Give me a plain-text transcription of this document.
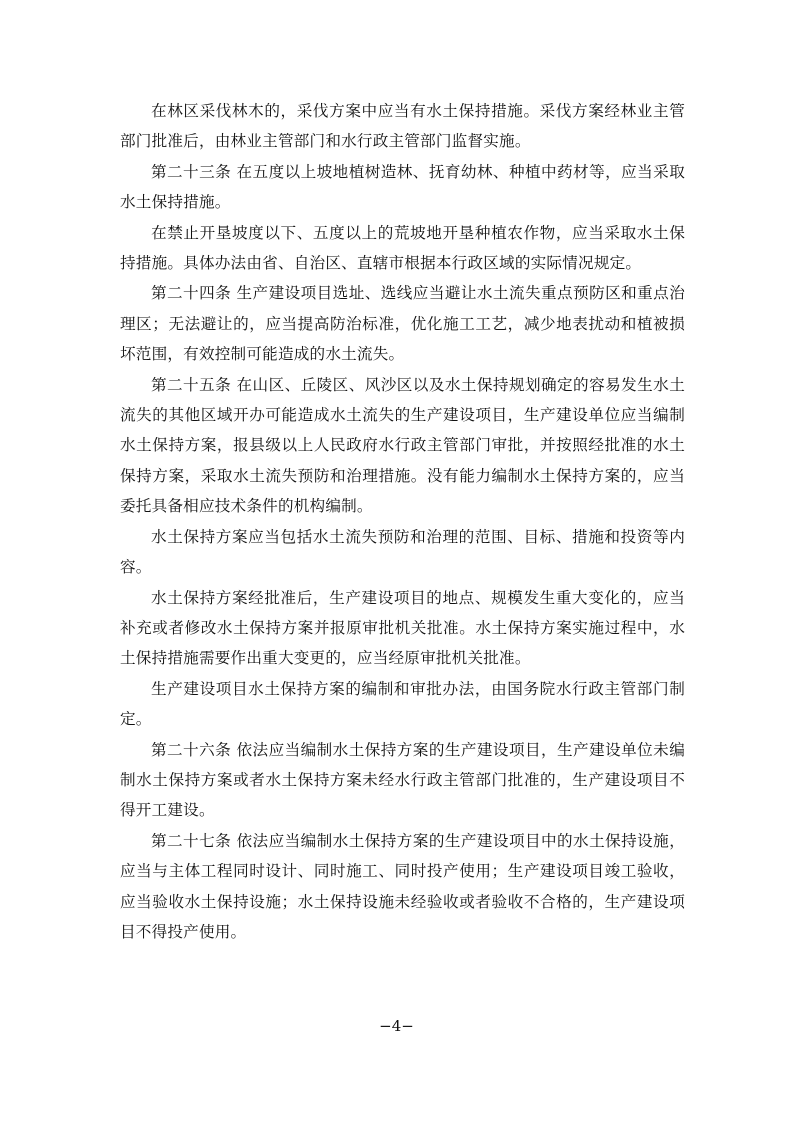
在林区采伐林木的，采伐方案中应当有水土保持措施。采伐方案经林业主管部门批准后，由林业主管部门和水行政主管部门监督实施。

第二十三条 在五度以上坡地植树造林、抚育幼林、种植中药材等，应当采取水土保持措施。

在禁止开垦坡度以下、五度以上的荒坡地开垦种植农作物，应当采取水土保持措施。具体办法由省、自治区、直辖市根据本行政区域的实际情况规定。

第二十四条 生产建设项目选址、选线应当避让水土流失重点预防区和重点治理区；无法避让的，应当提高防治标准，优化施工工艺，减少地表扰动和植被损坏范围，有效控制可能造成的水土流失。

第二十五条 在山区、丘陵区、风沙区以及水土保持规划确定的容易发生水土流失的其他区域开办可能造成水土流失的生产建设项目，生产建设单位应当编制水土保持方案，报县级以上人民政府水行政主管部门审批，并按照经批准的水土保持方案，采取水土流失预防和治理措施。没有能力编制水土保持方案的，应当委托具备相应技术条件的机构编制。

水土保持方案应当包括水土流失预防和治理的范围、目标、措施和投资等内容。

水土保持方案经批准后，生产建设项目的地点、规模发生重大变化的，应当补充或者修改水土保持方案并报原审批机关批准。水土保持方案实施过程中，水土保持措施需要作出重大变更的，应当经原审批机关批准。

生产建设项目水土保持方案的编制和审批办法，由国务院水行政主管部门制定。

第二十六条 依法应当编制水土保持方案的生产建设项目，生产建设单位未编制水土保持方案或者水土保持方案未经水行政主管部门批准的，生产建设项目不得开工建设。

第二十七条 依法应当编制水土保持方案的生产建设项目中的水土保持设施，应当与主体工程同时设计、同时施工、同时投产使用；生产建设项目竣工验收，应当验收水土保持设施；水土保持设施未经验收或者验收不合格的，生产建设项目不得投产使用。

−4−
